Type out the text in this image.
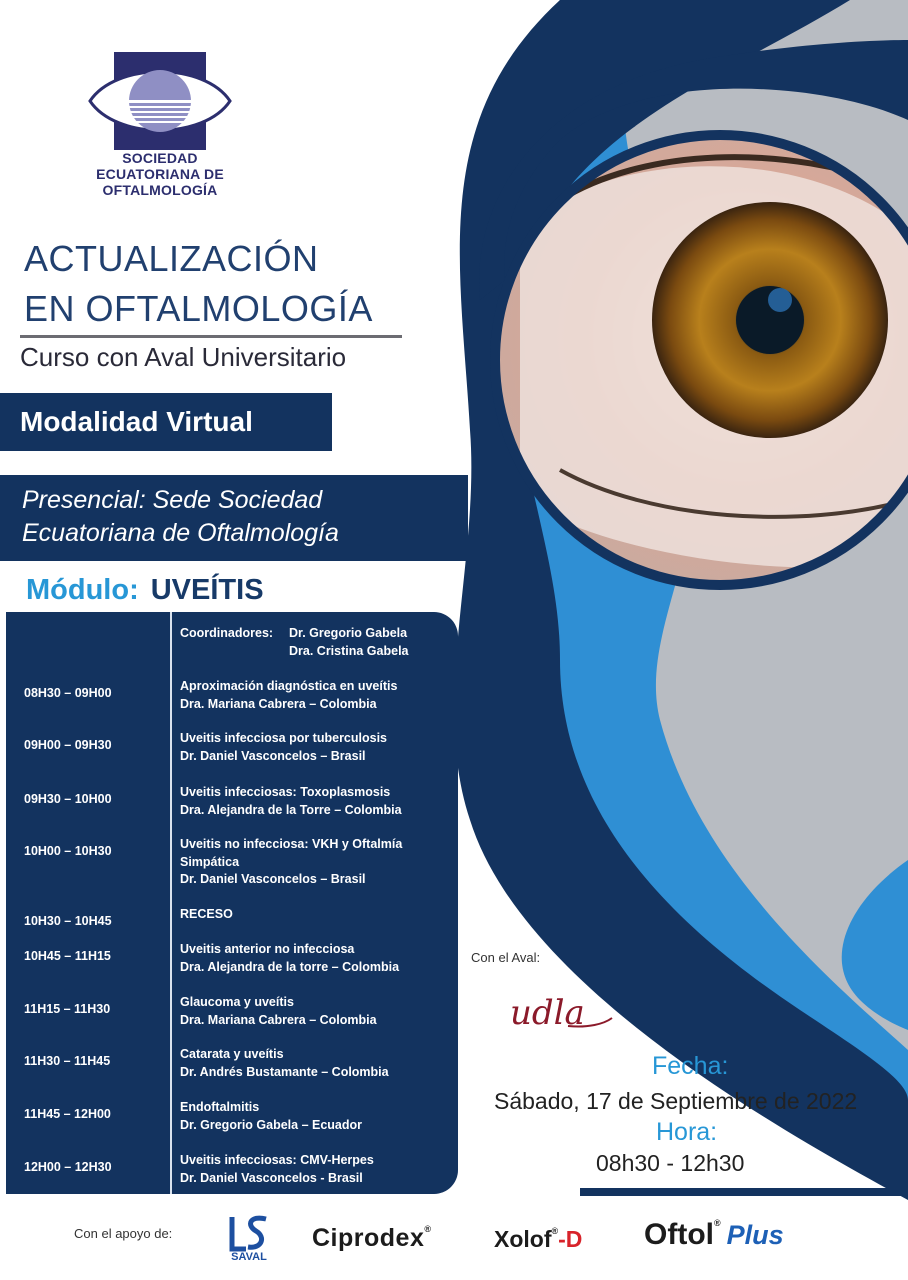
SOCIEDAD
ECUATORIANA DE
OFTALMOLOGÍA
ACTUALIZACIÓN
EN OFTALMOLOGÍA
Curso con Aval Universitario
Modalidad Virtual
Presencial: Sede Sociedad
Ecuatoriana de Oftalmología
Módulo: UVEÍTIS
Coordinadores: Dr. Gregorio Gabela
Dra. Cristina Gabela
08H30 – 09H00	Aproximación diagnóstica en uveítis
Dra. Mariana Cabrera – Colombia
09H00 – 09H30	Uveitis infecciosa por tuberculosis
Dr. Daniel Vasconcelos – Brasil
09H30 – 10H00	Uveitis infecciosas: Toxoplasmosis
Dra. Alejandra de la Torre – Colombia
10H00 – 10H30	Uveitis no infecciosa: VKH y Oftalmía
Simpática
Dr. Daniel Vasconcelos – Brasil
10H30 – 10H45	RECESO
10H45 – 11H15	Uveitis anterior no infecciosa
Dra. Alejandra de la torre – Colombia
11H15 – 11H30	Glaucoma y uveítis
Dra. Mariana Cabrera – Colombia
11H30 – 11H45	Catarata y uveítis
Dr. Andrés Bustamante – Colombia
11H45 – 12H00	Endoftalmitis
Dr. Gregorio Gabela – Ecuador
12H00 – 12H30	Uveitis infecciosas: CMV-Herpes
Dr. Daniel Vasconcelos - Brasil
Con el Aval:
udla
Fecha:
Sábado, 17 de Septiembre de 2022
Hora:
08h30 - 12h30
Con el apoyo de:
SAVAL
Ciprodex®	Xolof®-D Oftol® Plus
